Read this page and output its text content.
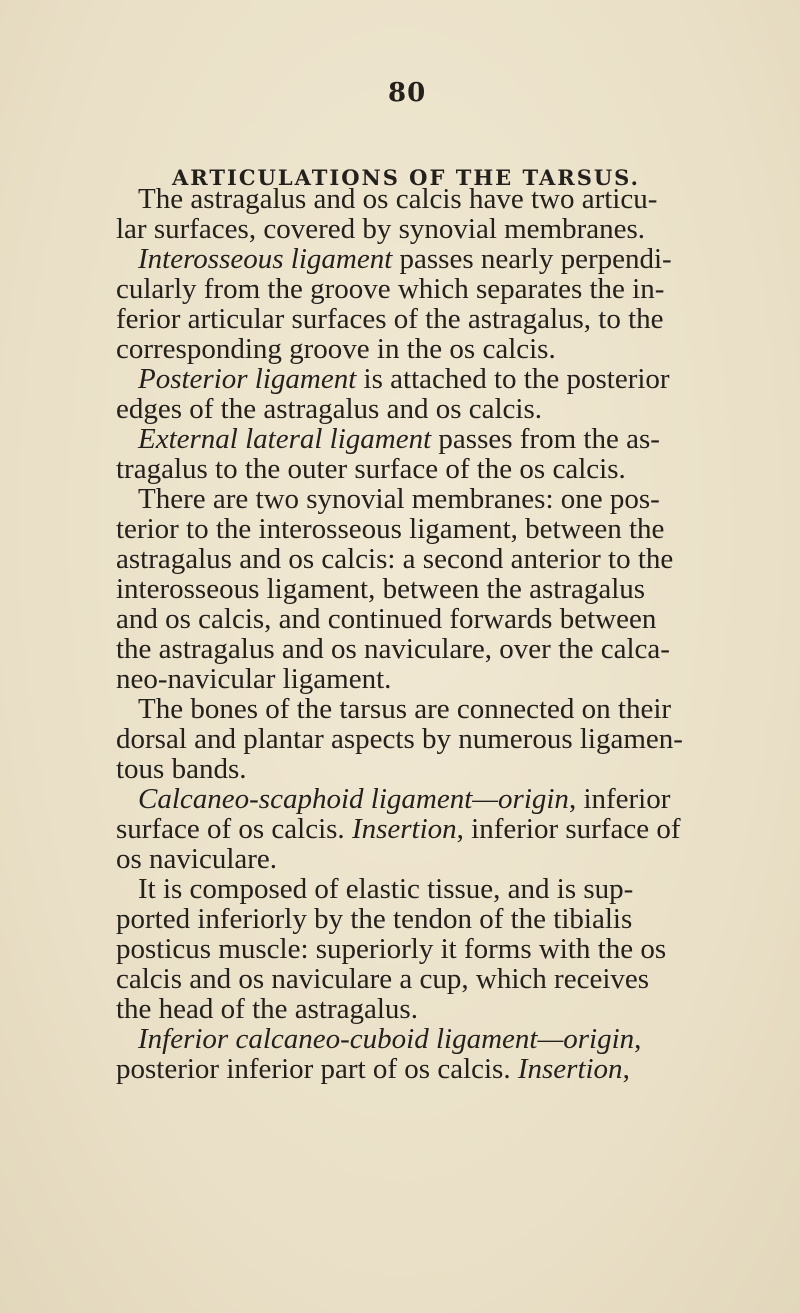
80
ARTICULATIONS OF THE TARSUS.
The astragalus and os calcis have two articu-
lar surfaces, covered by synovial membranes.
Interosseous ligament passes nearly perpendi-
cularly from the groove which separates the in-
ferior articular surfaces of the astragalus, to the
corresponding groove in the os calcis.
Posterior ligament is attached to the posterior
edges of the astragalus and os calcis.
External lateral ligament passes from the as-
tragalus to the outer surface of the os calcis.
There are two synovial membranes: one pos-
terior to the interosseous ligament, between the
astragalus and os calcis: a second anterior to the
interosseous ligament, between the astragalus
and os calcis, and continued forwards between
the astragalus and os naviculare, over the calca-
neo-navicular ligament.
The bones of the tarsus are connected on their
dorsal and plantar aspects by numerous ligamen-
tous bands.
Calcaneo-scaphoid ligament—origin, inferior
surface of os calcis. Insertion, inferior surface of
os naviculare.
It is composed of elastic tissue, and is sup-
ported inferiorly by the tendon of the tibialis
posticus muscle: superiorly it forms with the os
calcis and os naviculare a cup, which receives
the head of the astragalus.
Inferior calcaneo-cuboid ligament—origin,
posterior inferior part of os calcis. Insertion,
